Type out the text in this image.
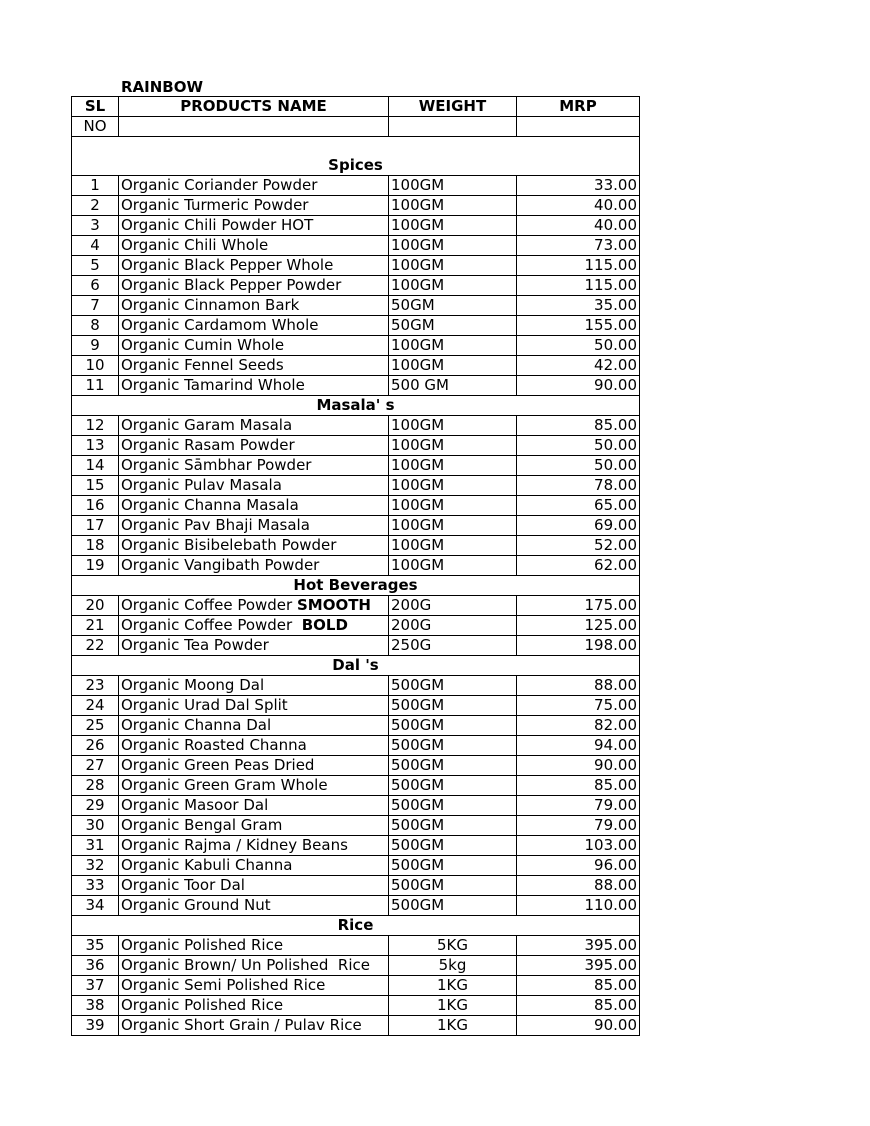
RAINBOW
SL	PRODUCTS NAME	WEIGHT	MRP
NO			
Spices			
1	Organic Coriander Powder	100GM	33.00
2	Organic Turmeric Powder	100GM	40.00
3	Organic Chili Powder HOT	100GM	40.00
4	Organic Chili Whole	100GM	73.00
5	Organic Black Pepper Whole	100GM	115.00
6	Organic Black Pepper Powder	100GM	115.00
7	Organic Cinnamon Bark	50GM	35.00
8	Organic Cardamom Whole	50GM	155.00
9	Organic Cumin Whole	100GM	50.00
10	Organic Fennel Seeds	100GM	42.00
11	Organic Tamarind Whole	500 GM	90.00
Masala' s			
12	Organic Garam Masala	100GM	85.00
13	Organic Rasam Powder	100GM	50.00
14	Organic Sāmbhar Powder	100GM	50.00
15	Organic Pulav Masala	100GM	78.00
16	Organic Channa Masala	100GM	65.00
17	Organic Pav Bhaji Masala	100GM	69.00
18	Organic Bisibelebath Powder	100GM	52.00
19	Organic Vangibath Powder	100GM	62.00
Hot Beverages			
20	Organic Coffee Powder SMOOTH	200G	175.00
21	Organic Coffee Powder  BOLD	200G	125.00
22	Organic Tea Powder	250G	198.00
Dal 's			
23	Organic Moong Dal	500GM	88.00
24	Organic Urad Dal Split	500GM	75.00
25	Organic Channa Dal	500GM	82.00
26	Organic Roasted Channa	500GM	94.00
27	Organic Green Peas Dried	500GM	90.00
28	Organic Green Gram Whole	500GM	85.00
29	Organic Masoor Dal	500GM	79.00
30	Organic Bengal Gram	500GM	79.00
31	Organic Rajma / Kidney Beans	500GM	103.00
32	Organic Kabuli Channa	500GM	96.00
33	Organic Toor Dal	500GM	88.00
34	Organic Ground Nut	500GM	110.00
Rice			
35	Organic Polished Rice	5KG	395.00
36	Organic Brown/ Un Polished  Rice	5kg	395.00
37	Organic Semi Polished Rice	1KG	85.00
38	Organic Polished Rice	1KG	85.00
39	Organic Short Grain / Pulav Rice	1KG	90.00
